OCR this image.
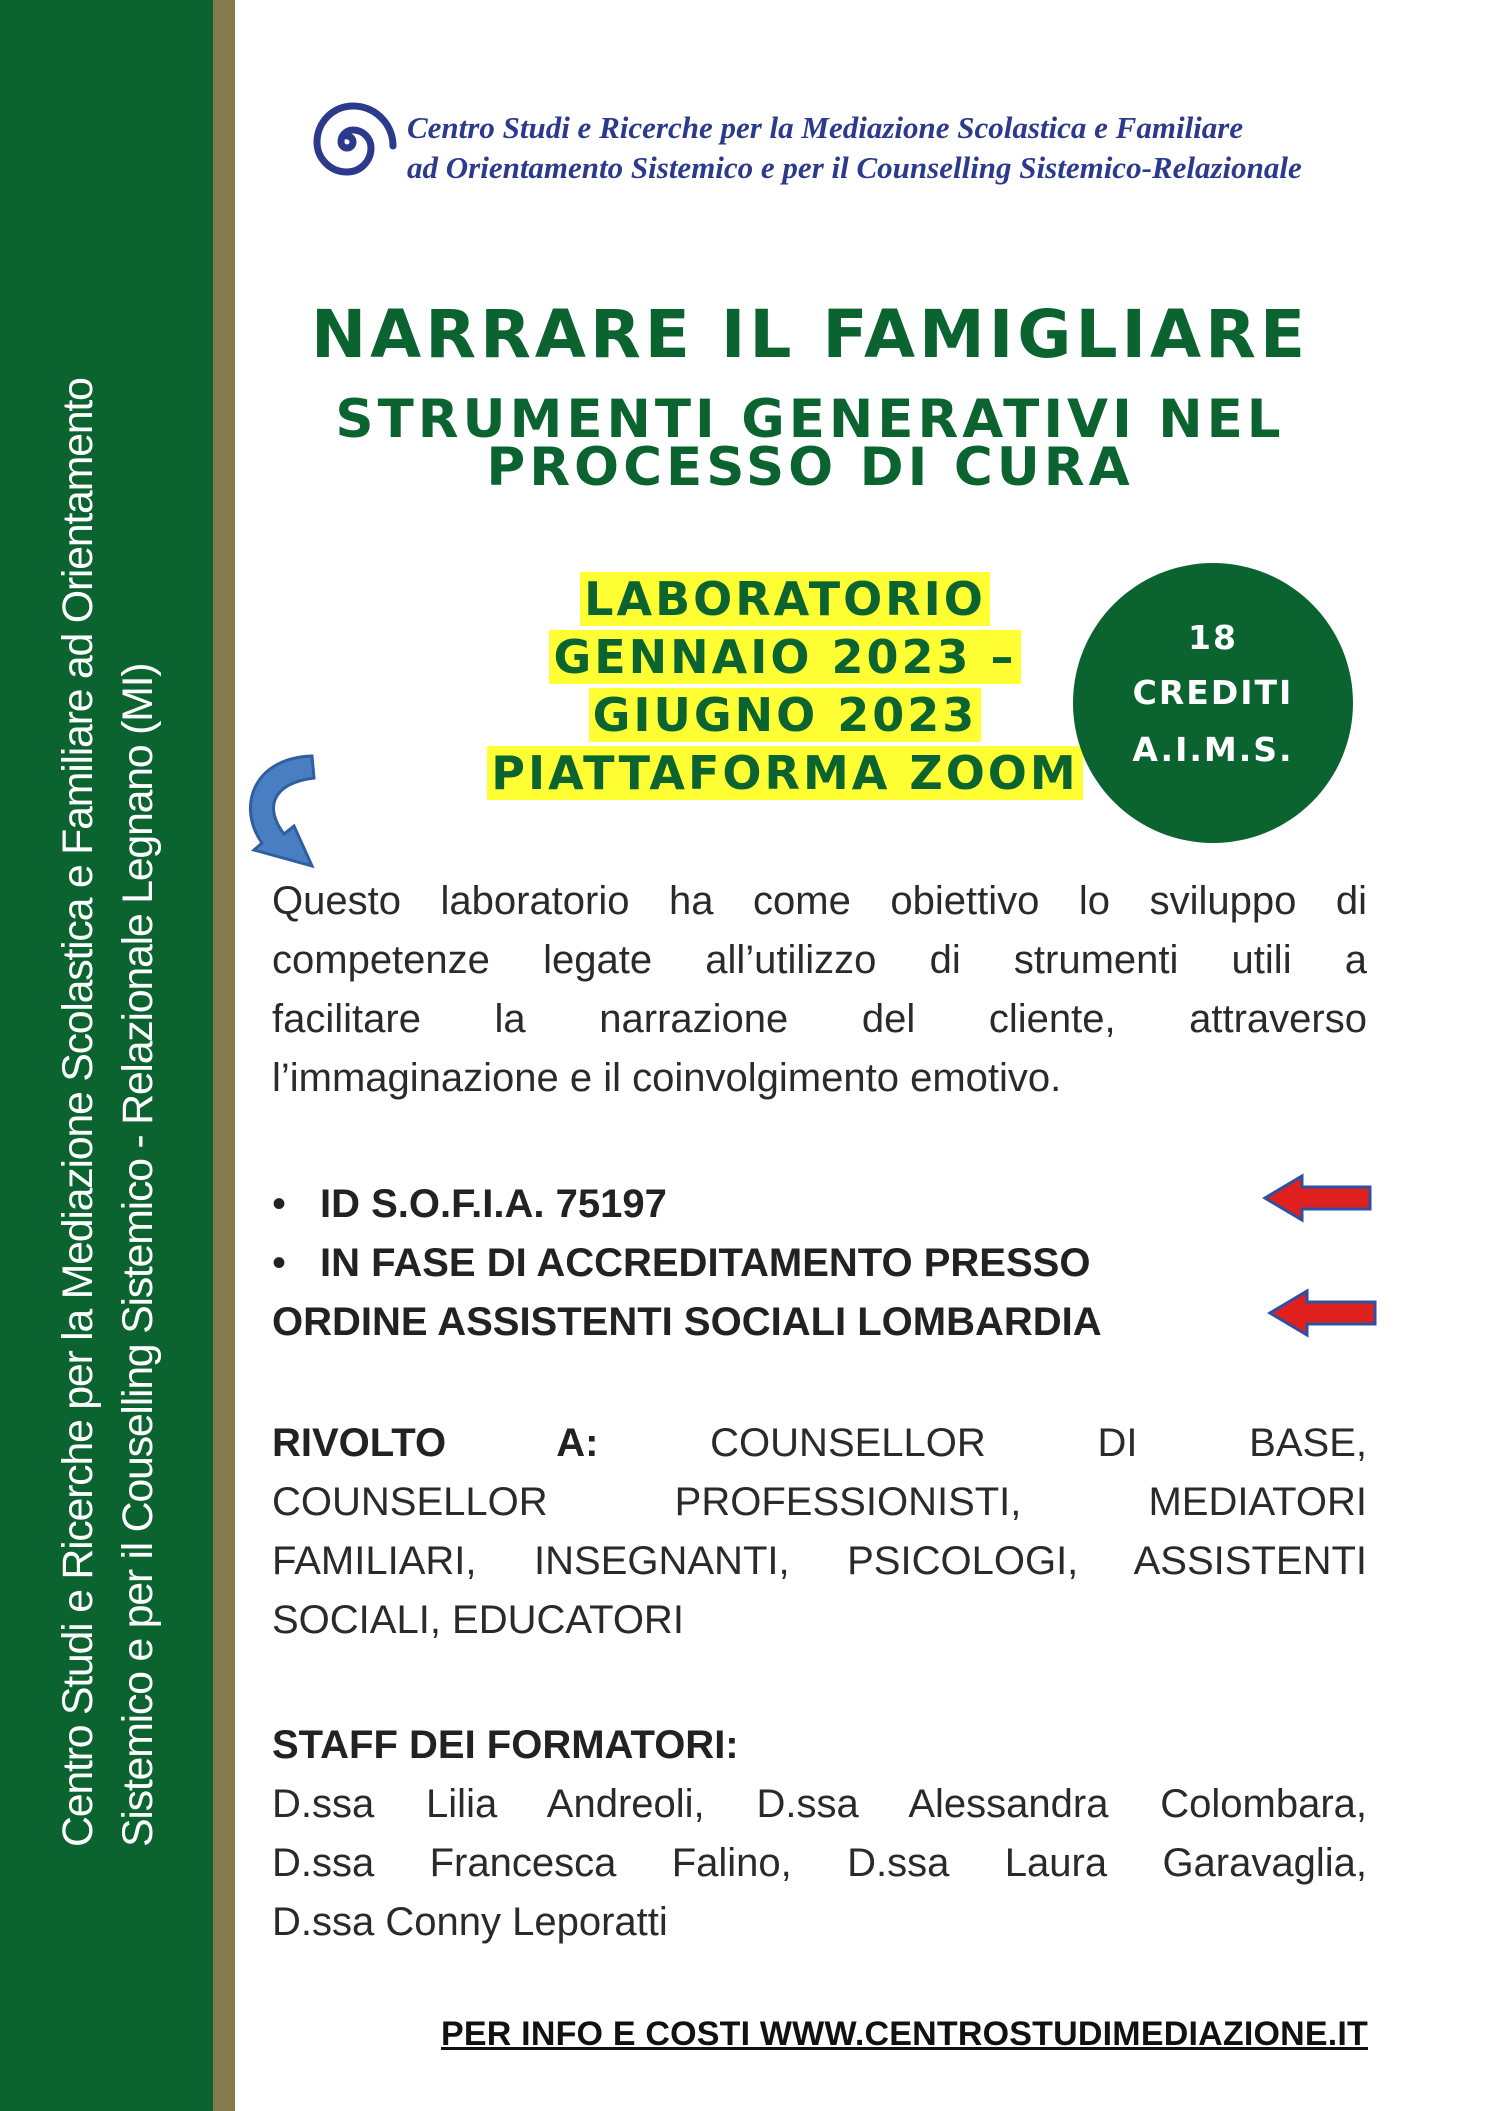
Centro Studi e Ricerche per la Mediazione Scolastica e Familiare ad Orientamento Sistemico e per il Couselling Sistemico - Relazionale Legnano (MI)
Centro Studi e Ricerche per la Mediazione Scolastica e Familiare
ad Orientamento Sistemico e per il Counselling Sistemico-Relazionale
NARRARE IL FAMIGLIARE
STRUMENTI GENERATIVI NEL
PROCESSO DI CURA
LABORATORIO
GENNAIO 2023 –
GIUGNO 2023
PIATTAFORMA ZOOM
18
CREDITI
A.I.M.S.
Questo laboratorio ha come obiettivo lo sviluppo di
competenze legate all’utilizzo di strumenti utili a
facilitare la narrazione del cliente, attraverso
l’immaginazione e il coinvolgimento emotivo.
• ID S.O.F.I.A. 75197
• IN FASE DI ACCREDITAMENTO PRESSO
ORDINE ASSISTENTI SOCIALI LOMBARDIA
RIVOLTO A:	COUNSELLOR DI BASE,
COUNSELLOR PROFESSIONISTI, MEDIATORI
FAMILIARI, INSEGNANTI, PSICOLOGI, ASSISTENTI
SOCIALI, EDUCATORI
STAFF DEI FORMATORI:
D.ssa Lilia Andreoli, D.ssa Alessandra Colombara,
D.ssa Francesca Falino, D.ssa Laura Garavaglia,
D.ssa Conny Leporatti
PER INFO E COSTI WWW.CENTROSTUDIMEDIAZIONE.IT
